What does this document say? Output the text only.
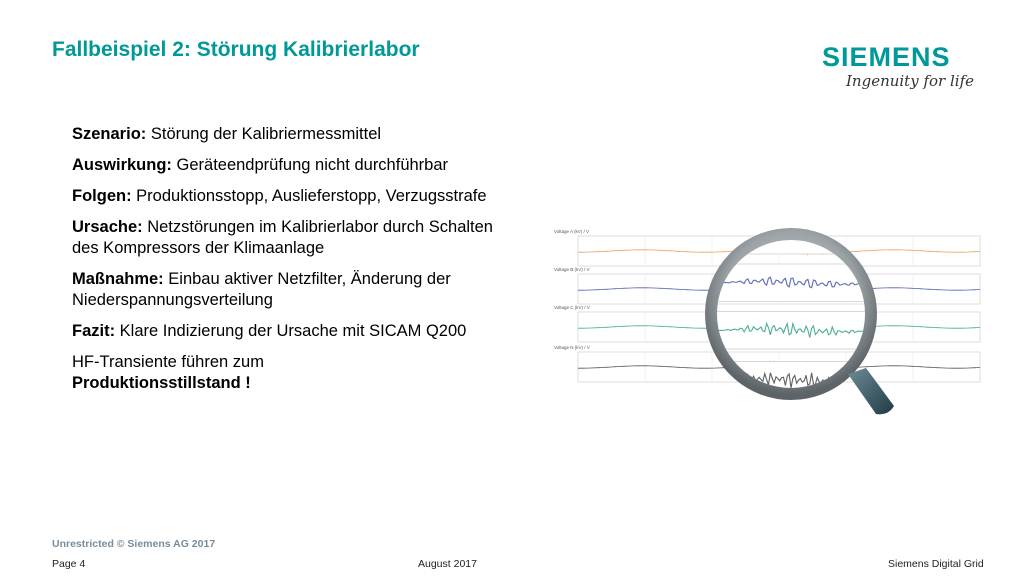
Fallbeispiel 2: Störung Kalibrierlabor	SIEMENS
Ingenuity for life

Szenario: Störung der Kalibriermessmittel

Auswirkung: Geräteendprüfung nicht durchführbar

Folgen: Produktionsstopp, Auslieferstopp, Verzugsstrafe

Ursache: Netzstörungen im Kalibrierlabor durch Schalten des Kompressors der Klimaanlage

Maßnahme: Einbau aktiver Netzfilter, Änderung der Niederspannungsverteilung

Fazit: Klare Indizierung der Ursache mit SICAM Q200

HF-Transiente führen zum
Produktionsstillstand !

Voltage A (kV) / V
Voltage B (kV) / V
Voltage C (kV) / V
Voltage N (kV) / V
Unrestricted © Siemens AG 2017
Page 4	August 2017	Siemens Digital Grid
